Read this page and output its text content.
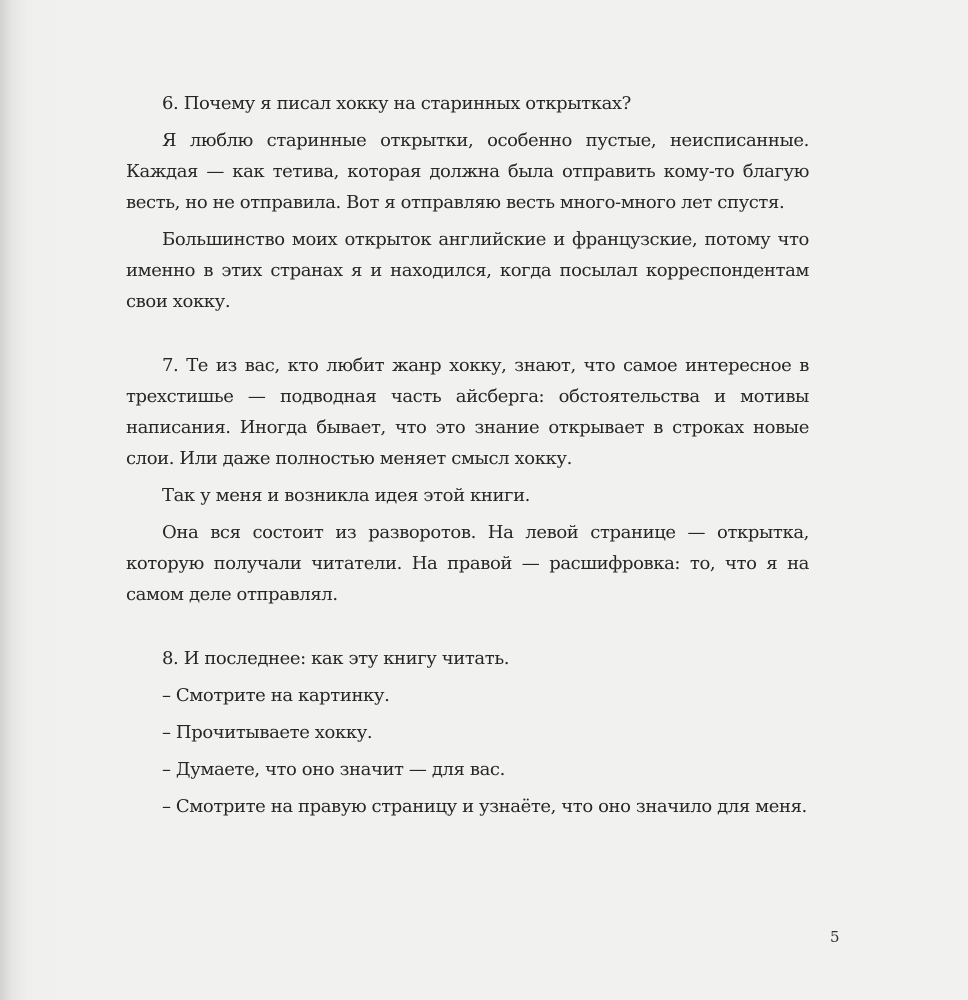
6. Почему я писал хокку на старинных открытках?

Я люблю старинные открытки, особенно пустые, неисписанные. Каждая — как тетива, которая должна была отправить кому-то благую весть, но не отправила. Вот я отправляю весть много-много лет спустя.

Большинство моих открыток английские и французские, потому что именно в этих странах я и находился, когда посылал корреспондентам свои хокку.

7. Те из вас, кто любит жанр хокку, знают, что самое интересное в трехстишье — подводная часть айсберга: обстоятельства и мотивы написания. Иногда бывает, что это знание открывает в строках новые слои. Или даже полностью меняет смысл хокку.

Так у меня и возникла идея этой книги.

Она вся состоит из разворотов. На левой странице — открытка, которую получали читатели. На правой — расшифровка: то, что я на самом деле отправлял.

8. И последнее: как эту книгу читать.

– Смотрите на картинку.

– Прочитываете хокку.

– Думаете, что оно значит — для вас.

– Смотрите на правую страницу и узнаёте, что оно значило для меня.

5
